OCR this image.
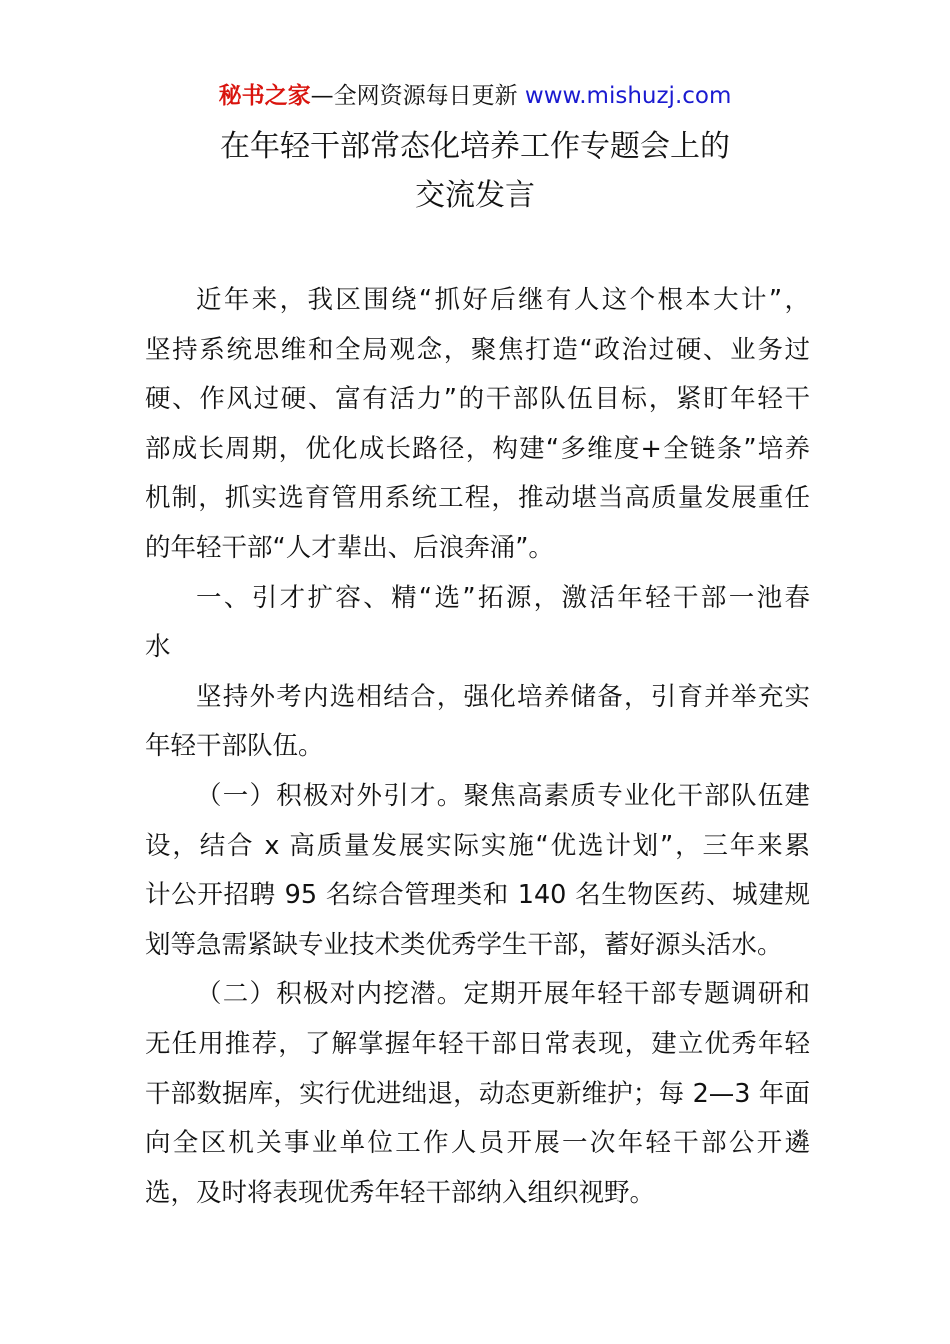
秘书之家—全网资源每日更新 www.mishuzj.com
在年轻干部常态化培养工作专题会上的
交流发言
近年来，我区围绕“抓好后继有人这个根本大计”，
坚持系统思维和全局观念，聚焦打造“政治过硬、业务过
硬、作风过硬、富有活力”的干部队伍目标，紧盯年轻干
部成长周期，优化成长路径，构建“多维度+全链条”培养
机制，抓实选育管用系统工程，推动堪当高质量发展重任
的年轻干部“人才辈出、后浪奔涌”。
一、引才扩容、精“选”拓源，激活年轻干部一池春
水
坚持外考内选相结合，强化培养储备，引育并举充实
年轻干部队伍。
（一）积极对外引才。聚焦高素质专业化干部队伍建
设，结合 x 高质量发展实际实施“优选计划”，三年来累
计公开招聘 95 名综合管理类和 140 名生物医药、城建规
划等急需紧缺专业技术类优秀学生干部，蓄好源头活水。
（二）积极对内挖潜。定期开展年轻干部专题调研和
无任用推荐，了解掌握年轻干部日常表现，建立优秀年轻
干部数据库，实行优进绌退，动态更新维护；每 2—3 年面
向全区机关事业单位工作人员开展一次年轻干部公开遴
选，及时将表现优秀年轻干部纳入组织视野。
